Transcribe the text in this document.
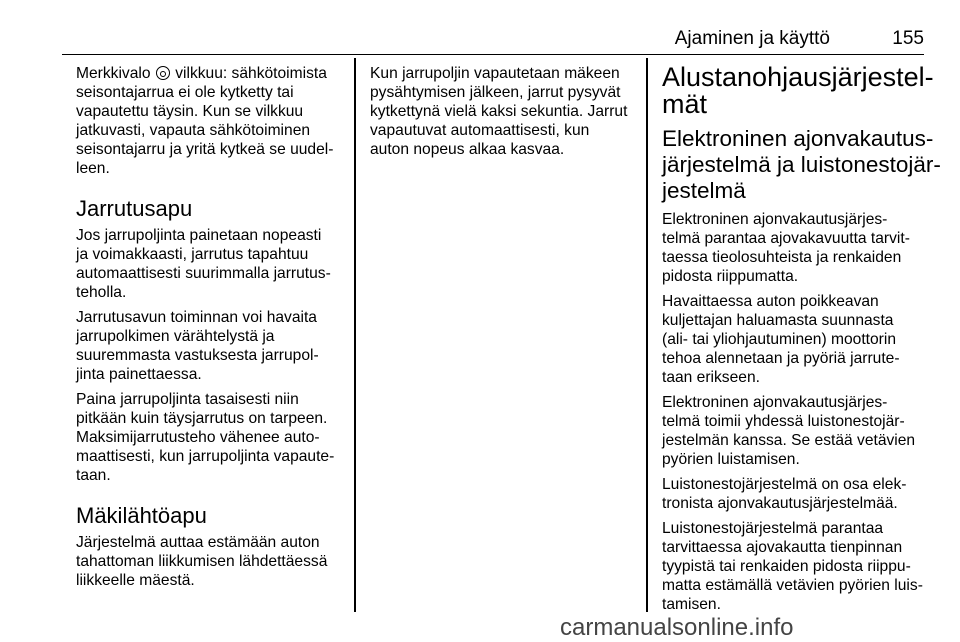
Ajaminen ja käyttö	155

Merkkivalo vilkkuu: sähkötoimista
seisontajarrua ei ole kytketty tai
vapautettu täysin. Kun se vilkkuu
jatkuvasti, vapauta sähkötoiminen
seisontajarru ja yritä kytkeä se uudel-
leen.

Jarrutusapu

Jos jarrupoljinta painetaan nopeasti
ja voimakkaasti, jarrutus tapahtuu
automaattisesti suurimmalla jarrutus-
teholla.

Jarrutusavun toiminnan voi havaita
jarrupolkimen värähtelystä ja
suuremmasta vastuksesta jarrupol-
jinta painettaessa.

Paina jarrupoljinta tasaisesti niin
pitkään kuin täysjarrutus on tarpeen.
Maksimijarrutusteho vähenee auto-
maattisesti, kun jarrupoljinta vapaute-
taan.

Mäkilähtöapu

Järjestelmä auttaa estämään auton
tahattoman liikkumisen lähdettäessä
liikkeelle mäestä.

Kun jarrupoljin vapautetaan mäkeen
pysähtymisen jälkeen, jarrut pysyvät
kytkettynä vielä kaksi sekuntia. Jarrut
vapautuvat automaattisesti, kun
auton nopeus alkaa kasvaa.

Alustanohjausjärjestel-
mät
Elektroninen ajonvakautus-
järjestelmä ja luistonestojär-
jestelmä

Elektroninen ajonvakautusjärjes-
telmä parantaa ajovakavuutta tarvit-
taessa tieolosuhteista ja renkaiden
pidosta riippumatta.

Havaittaessa auton poikkeavan
kuljettajan haluamasta suunnasta
(ali- tai yliohjautuminen) moottorin
tehoa alennetaan ja pyöriä jarrute-
taan erikseen.

Elektroninen ajonvakautusjärjes-
telmä toimii yhdessä luistonestojär-
jestelmän kanssa. Se estää vetävien
pyörien luistamisen.

Luistonestojärjestelmä on osa elek-
tronista ajonvakautusjärjestelmää.

Luistonestojärjestelmä parantaa
tarvittaessa ajovakautta tienpinnan
tyypistä tai renkaiden pidosta riippu-
matta estämällä vetävien pyörien luis-
tamisen.

carmanualsonline.info
